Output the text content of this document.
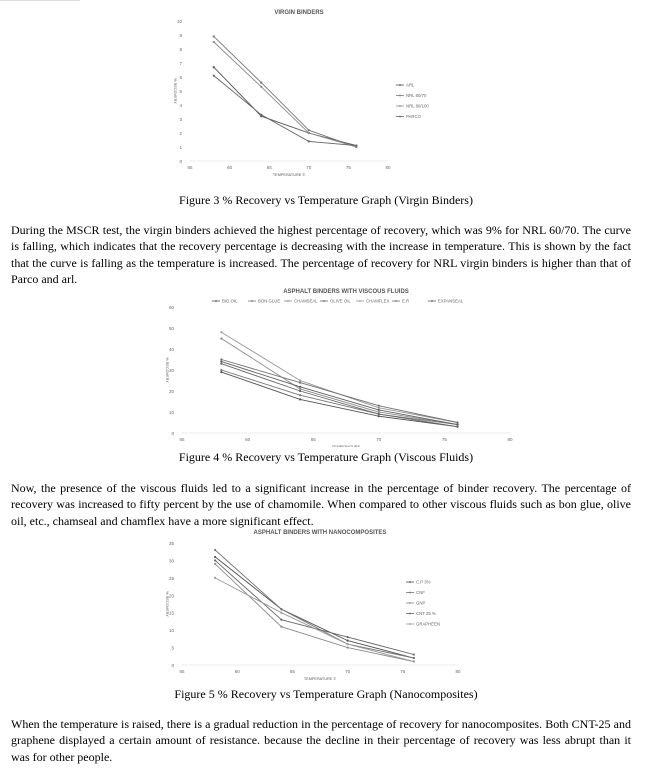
VIRGIN BINDERS
0
1
2
3
4
5
6
7
8
9
10
55	60	65	70	75	80
TEMPERATURE ©
% RECOVERY	ARL
NRL 60/70
NRL 80/100
PARCO
Figure 3 % Recovery vs Temperature Graph (Virgin Binders)
During the MSCR test, the virgin binders achieved the highest percentage of recovery, which was 9% for NRL 60/70. The curve is falling, which indicates that the recovery percentage is decreasing with the increase in temperature. This is shown by the fact that the curve is falling as the temperature is increased. The percentage of recovery for NRL virgin binders is higher than that of Parco and arl.
ASPHALT BINDERS WITH VISCOUS FLUIDS
0
10
20
30
40
50
60
55	60	65	70	75	80
TEMPERATURE
% RECOVERY
BIO OIL	BON GLUE	CHAMSEAL	OLIVE OIL	CHAMFLEX	E.R	EXPANSEAL
Figure 4 % Recovery vs Temperature Graph (Viscous Fluids)
Now, the presence of the viscous fluids led to a significant increase in the percentage of binder recovery. The percentage of recovery was increased to fifty percent by the use of chamomile. When compared to other viscous fluids such as bon glue, olive oil, etc., chamseal and chamflex have a more significant effect.
ASPHALT BINDERS WITH NANOCOMPOSITES
0
5
10
15
20
25
30
35
55	60	65	70	75	80
TEMPERATURE ©
% RECOVERY
C.P 3%
CNF
GNP
CNT 25 %
GRAPHEEN
Figure 5 % Recovery vs Temperature Graph (Nanocomposites)
When the temperature is raised, there is a gradual reduction in the percentage of recovery for nanocomposites. Both CNT-25 and graphene displayed a certain amount of resistance. because the decline in their percentage of recovery was less abrupt than it was for other people.
